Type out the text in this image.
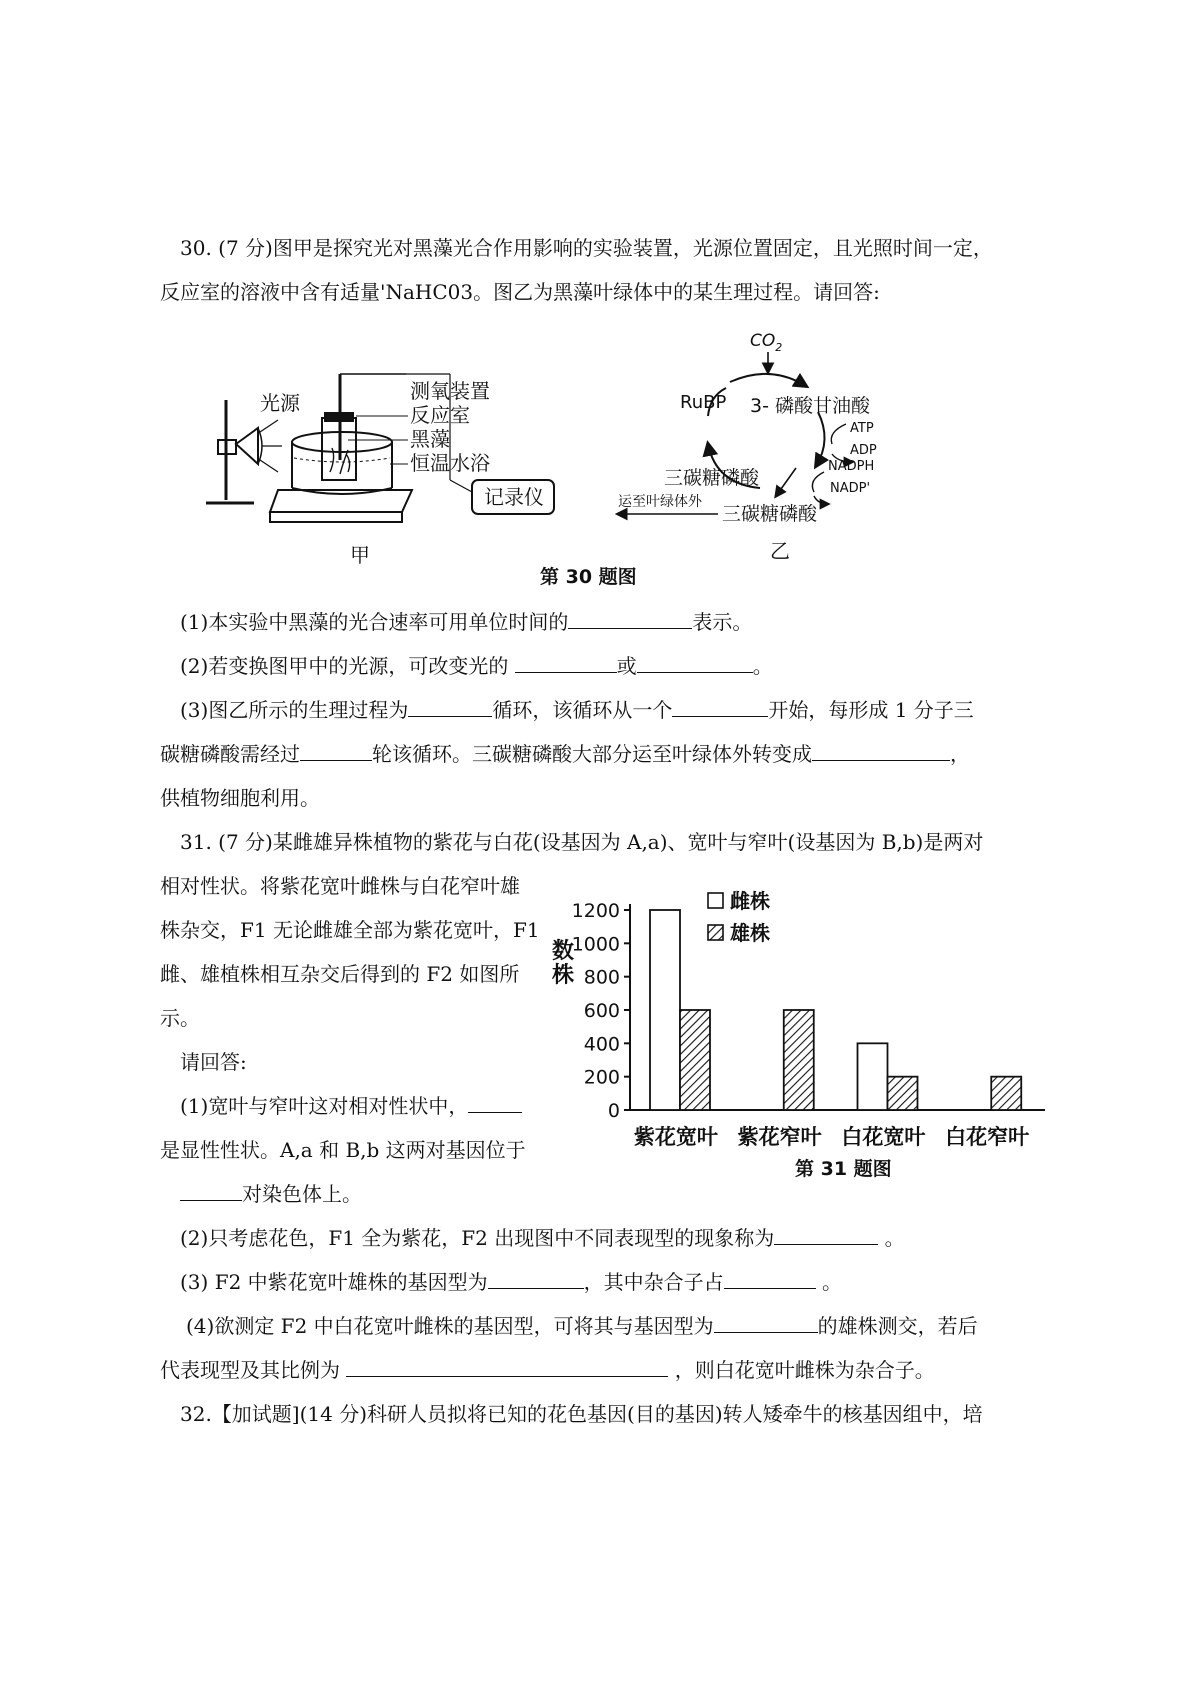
30. (7 分)图甲是探究光对黑藻光合作用影响的实验装置，光源位置固定，且光照时间一定，
反应室的溶液中含有适量'NaHC03。图乙为黑藻叶绿体中的某生理过程。请回答:
光源	测氧装置
反应室
黑藻
恒温水浴
记录仪
甲
$CO_2$
RuBP 3- 磷酸甘油酸
ATP
ADP
NADPH
NADP'
三碳糖磷酸
三碳糖磷酸
运至叶绿体外
乙
第 30 题图
(1)本实验中黑藻的光合速率可用单位时间的	表示。
(2)若变换图甲中的光源，可改变光的	或	。
(3)图乙所示的生理过程为	循环，该循环从一个	开始，每形成 1 分子三
碳糖磷酸需经过	轮该循环。三碳糖磷酸大部分运至叶绿体外转变成	，
供植物细胞利用。
31. (7 分)某雌雄异株植物的紫花与白花(设基因为 A,a)、宽叶与窄叶(设基因为 B,b)是两对
相对性状。将紫花宽叶雌株与白花窄叶雄
株杂交，F1 无论雌雄全部为紫花宽叶，F1
雌、雄植株相互杂交后得到的 F2 如图所
示。
请回答:
(1)宽叶与窄叶这对相对性状中，
是显性性状。A,a 和 B,b 这两对基因位于
对染色体上。
株
数
0
200
400
600
800
1000
1200	雌株
雄株
紫花宽叶 紫花窄叶 白花宽叶 白花窄叶
第 31 题图
(2)只考虑花色，F1 全为紫花，F2 出现图中不同表现型的现象称为	。
(3) F2 中紫花宽叶雄株的基因型为	，其中杂合子占	。
(4)欲测定 F2 中白花宽叶雌株的基因型，可将其与基因型为	的雄株测交，若后
代表现型及其比例为	，则白花宽叶雌株为杂合子。
32.【加试题](14 分)科研人员拟将已知的花色基因(目的基因)转人矮牵牛的核基因组中，培
